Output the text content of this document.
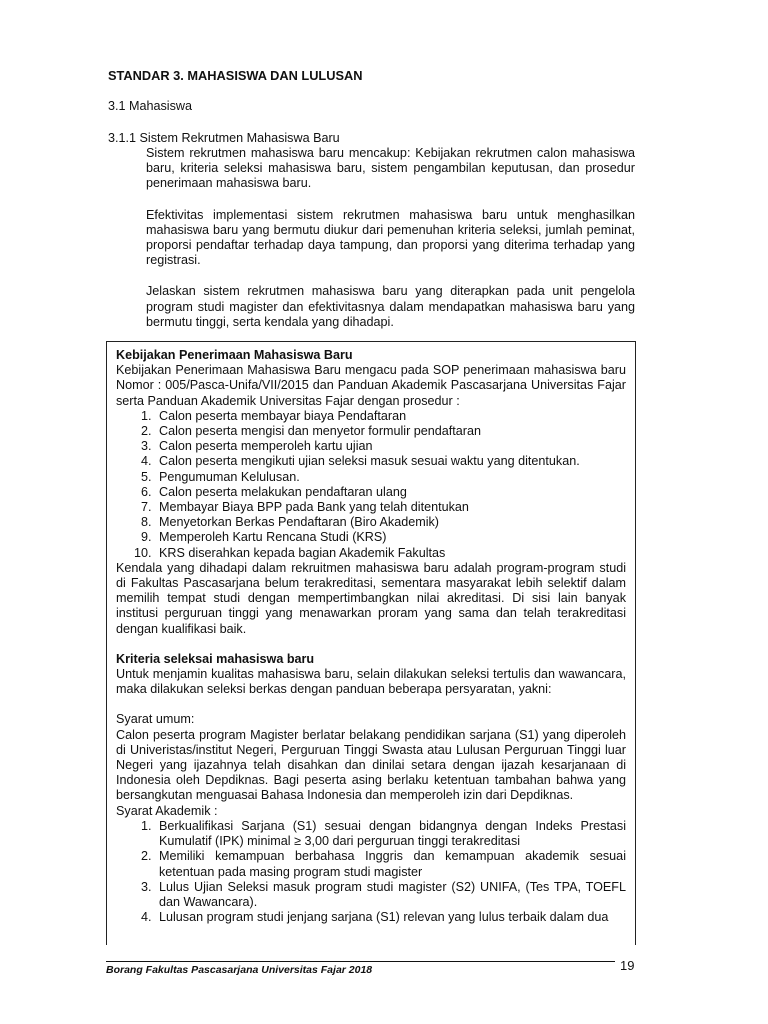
STANDAR 3. MAHASISWA DAN LULUSAN
3.1 Mahasiswa
3.1.1 Sistem Rekrutmen Mahasiswa Baru

Sistem rekrutmen mahasiswa baru mencakup: Kebijakan rekrutmen calon mahasiswa baru, kriteria seleksi mahasiswa baru, sistem pengambilan keputusan, dan prosedur penerimaan mahasiswa baru.

Efektivitas implementasi sistem rekrutmen mahasiswa baru untuk menghasilkan mahasiswa baru yang bermutu diukur dari pemenuhan kriteria seleksi, jumlah peminat, proporsi pendaftar terhadap daya tampung, dan proporsi yang diterima terhadap yang registrasi.

Jelaskan sistem rekrutmen mahasiswa baru yang diterapkan pada unit pengelola program studi magister dan efektivitasnya dalam mendapatkan mahasiswa baru yang bermutu tinggi, serta kendala yang dihadapi.

Kebijakan Penerimaan Mahasiswa Baru

Kebijakan Penerimaan Mahasiswa Baru mengacu pada SOP penerimaan mahasiswa baru Nomor : 005/Pasca-Unifa/VII/2015 dan Panduan Akademik Pascasarjana Universitas Fajar serta Panduan Akademik Universitas Fajar dengan prosedur :

1. Calon peserta membayar biaya Pendaftaran
2. Calon peserta mengisi dan menyetor formulir pendaftaran
3. Calon peserta memperoleh kartu ujian
4. Calon peserta mengikuti ujian seleksi masuk sesuai waktu yang ditentukan.
5. Pengumuman Kelulusan.
6. Calon peserta melakukan pendaftaran ulang
7. Membayar Biaya BPP pada Bank yang telah ditentukan
8. Menyetorkan Berkas Pendaftaran (Biro Akademik)
9. Memperoleh Kartu Rencana Studi (KRS)
10. KRS diserahkan kepada bagian Akademik Fakultas

Kendala yang dihadapi dalam rekruitmen mahasiswa baru adalah program-program studi di Fakultas Pascasarjana belum terakreditasi, sementara masyarakat lebih selektif dalam memilih tempat studi dengan mempertimbangkan nilai akreditasi. Di sisi lain banyak institusi perguruan tinggi yang menawarkan proram yang sama dan telah terakreditasi dengan kualifikasi baik.

Kriteria seleksai mahasiswa baru

Untuk menjamin kualitas mahasiswa baru, selain dilakukan seleksi tertulis dan wawancara, maka dilakukan seleksi berkas dengan panduan beberapa persyaratan, yakni:

Syarat umum:

Calon peserta program Magister berlatar belakang pendidikan sarjana (S1) yang diperoleh di Univeristas/institut Negeri, Perguruan Tinggi Swasta atau Lulusan Perguruan Tinggi luar Negeri yang ijazahnya telah disahkan dan dinilai setara dengan ijazah kesarjanaan di Indonesia oleh Depdiknas. Bagi peserta asing berlaku ketentuan tambahan bahwa yang bersangkutan menguasai Bahasa Indonesia dan memperoleh izin dari Depdiknas.

Syarat Akademik :

1. Berkualifikasi Sarjana (S1) sesuai dengan bidangnya dengan Indeks Prestasi Kumulatif (IPK) minimal ≥ 3,00 dari perguruan tinggi terakreditasi
2. Memiliki kemampuan berbahasa Inggris dan kemampuan akademik sesuai ketentuan pada masing program studi magister
3. Lulus Ujian Seleksi masuk program studi magister (S2) UNIFA, (Tes TPA, TOEFL dan Wawancara).
4. Lulusan program studi jenjang sarjana (S1) relevan yang lulus terbaik dalam dua
Borang Fakultas Pascasarjana Universitas Fajar 2018	19
